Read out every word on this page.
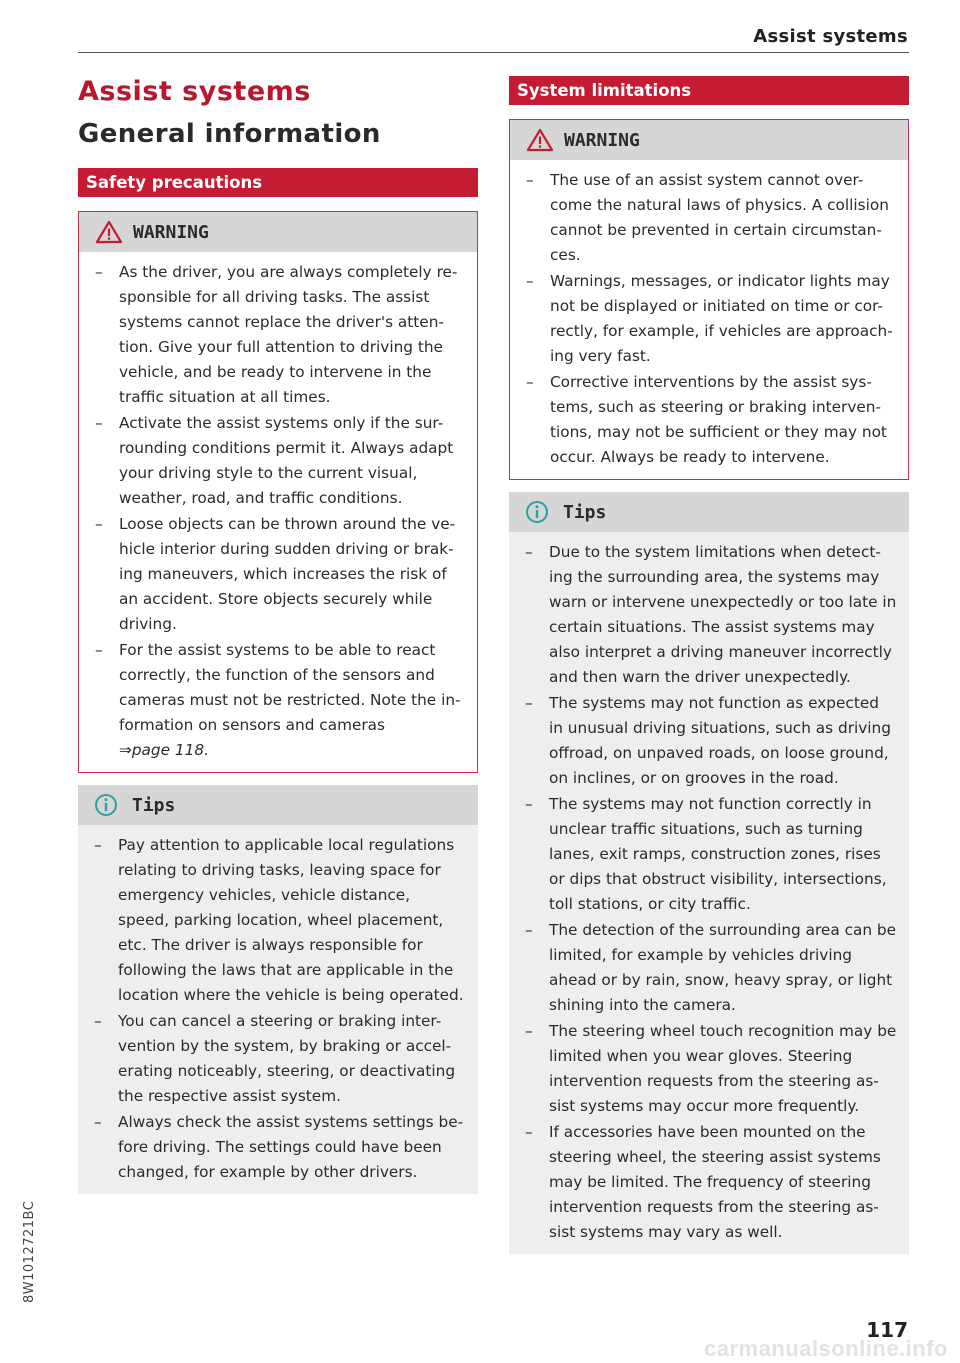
Assist systems
Assist systems
General information
Safety precautions
WARNING

– As the driver, you are always completely re-sponsible for all driving tasks. The assist systems cannot replace the driver's atten-tion. Give your full attention to driving the vehicle, and be ready to intervene in the traffic situation at all times.

– Activate the assist systems only if the sur-rounding conditions permit it. Always adapt your driving style to the current visual, weather, road, and traffic conditions.

– Loose objects can be thrown around the ve-hicle interior during sudden driving or brak-ing maneuvers, which increases the risk of an accident. Store objects securely while driving.

– For the assist systems to be able to react correctly, the function of the sensors and cameras must not be restricted. Note the in-formation on sensors and cameras
⇒page 118.

Tips

– Pay attention to applicable local regulations relating to driving tasks, leaving space for emergency vehicles, vehicle distance, speed, parking location, wheel placement, etc. The driver is always responsible for following the laws that are applicable in the location where the vehicle is being operated.

– You can cancel a steering or braking inter-vention by the system, by braking or accel-erating noticeably, steering, or deactivating the respective assist system.

– Always check the assist systems settings be-fore driving. The settings could have been changed, for example by other drivers.

System limitations
WARNING

– The use of an assist system cannot over-come the natural laws of physics. A collision cannot be prevented in certain circumstan-ces.

– Warnings, messages, or indicator lights may not be displayed or initiated on time or cor-rectly, for example, if vehicles are approach-ing very fast.

– Corrective interventions by the assist sys-tems, such as steering or braking interven-tions, may not be sufficient or they may not occur. Always be ready to intervene.

Tips

– Due to the system limitations when detect-ing the surrounding area, the systems may warn or intervene unexpectedly or too late in certain situations. The assist systems may also interpret a driving maneuver incorrectly and then warn the driver unexpectedly.

– The systems may not function as expected in unusual driving situations, such as driving offroad, on unpaved roads, on loose ground, on inclines, or on grooves in the road.

– The systems may not function correctly in unclear traffic situations, such as turning lanes, exit ramps, construction zones, rises or dips that obstruct visibility, intersections, toll stations, or city traffic.

– The detection of the surrounding area can be limited, for example by vehicles driving ahead or by rain, snow, heavy spray, or light shining into the camera.

– The steering wheel touch recognition may be limited when you wear gloves. Steering intervention requests from the steering as-sist systems may occur more frequently.

– If accessories have been mounted on the steering wheel, the steering assist systems may be limited. The frequency of steering intervention requests from the steering as-sist systems may vary as well.

8W1012721BC
117
carmanualsonline.info
